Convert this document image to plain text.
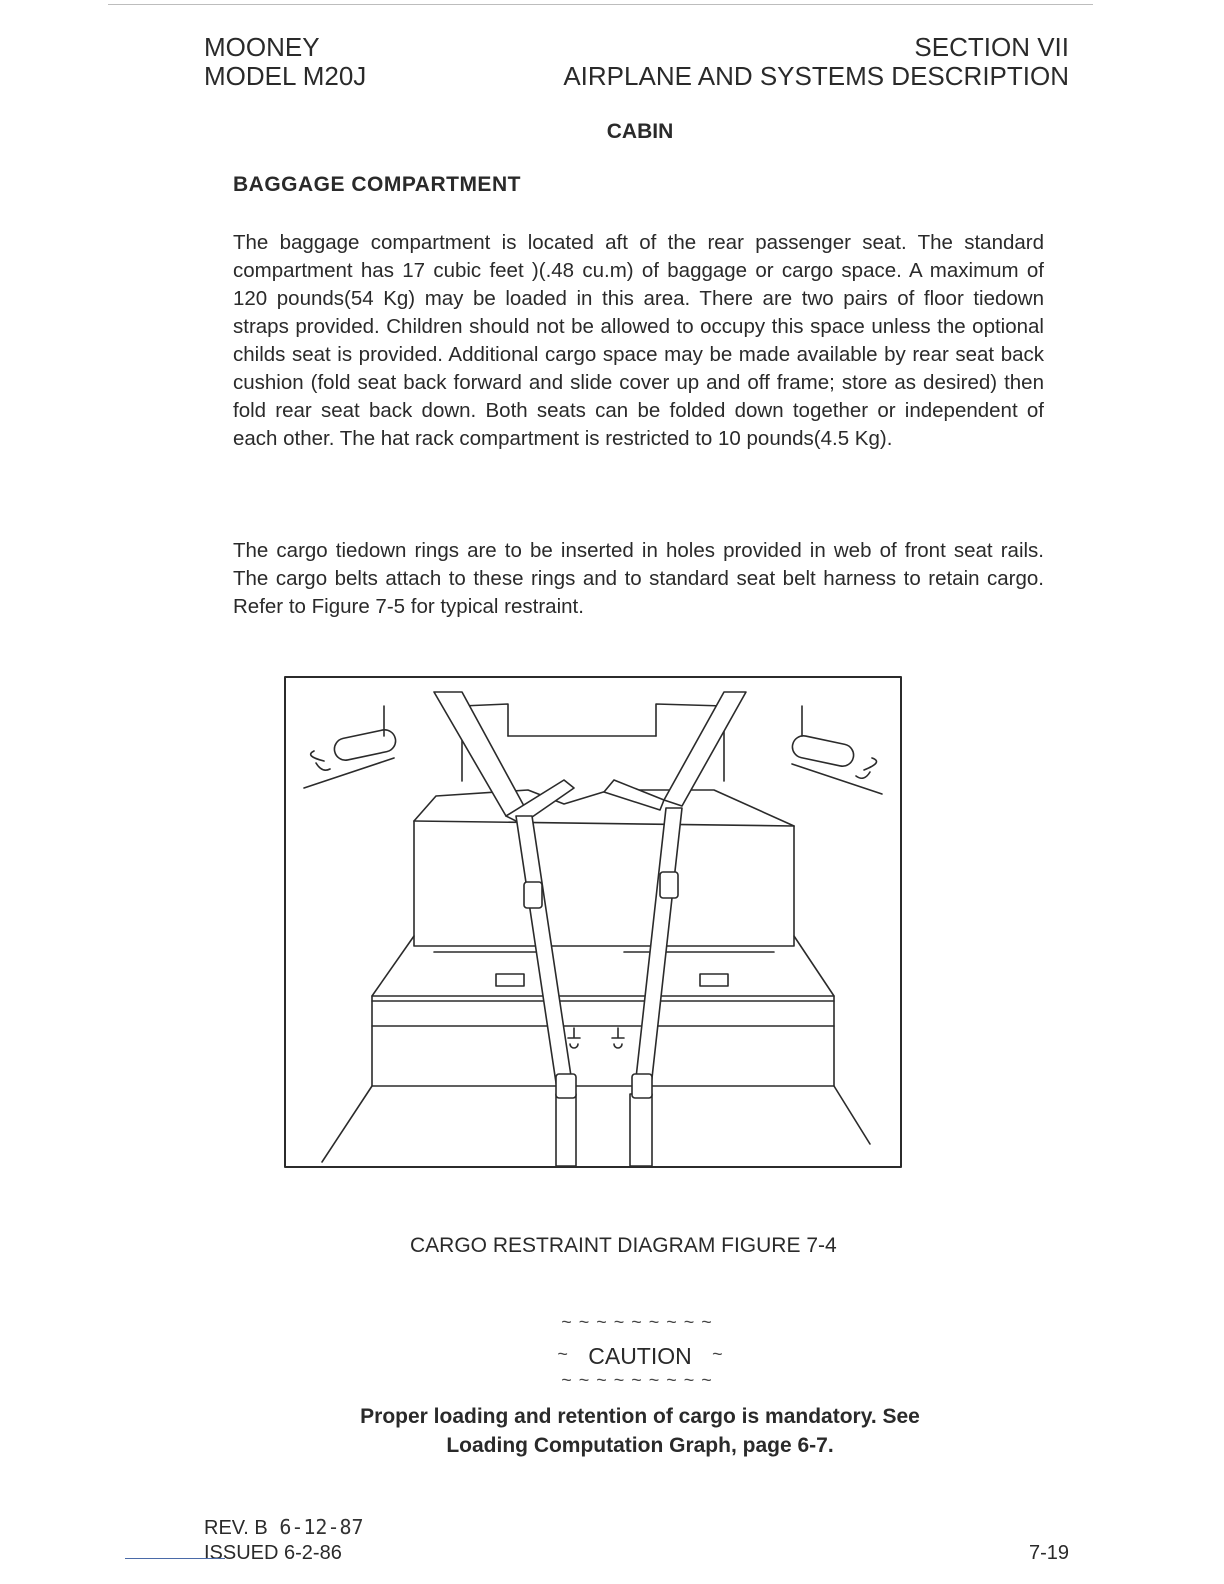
MOONEY
MODEL M20J
SECTION VII
AIRPLANE AND SYSTEMS DESCRIPTION
CABIN
BAGGAGE COMPARTMENT

The baggage compartment is located aft of the rear passenger seat. The standard compartment has 17 cubic feet )(.48 cu.m) of baggage or cargo space. A maximum of 120 pounds(54 Kg) may be loaded in this area. There are two pairs of floor tiedown straps provided. Children should not be allowed to occupy this space unless the optional childs seat is provided. Additional cargo space may be made available by rear seat back cushion (fold seat back forward and slide cover up and off frame; store as desired) then fold rear seat back down. Both seats can be folded down together or independent of each other. The hat rack compartment is restricted to 10 pounds(4.5 Kg).

The cargo tiedown rings are to be inserted in holes provided in web of front seat rails. The cargo belts attach to these rings and to standard seat belt harness to retain cargo. Refer to Figure 7-5 for typical restraint.

CARGO RESTRAINT DIAGRAM FIGURE 7-4
~~~~~~~~~
~ CAUTION ~
~~~~~~~~~
Proper loading and retention of cargo is mandatory. See
Loading Computation Graph, page 6-7.
REV. B 6-12-87
ISSUED 6-2-86	7-19
